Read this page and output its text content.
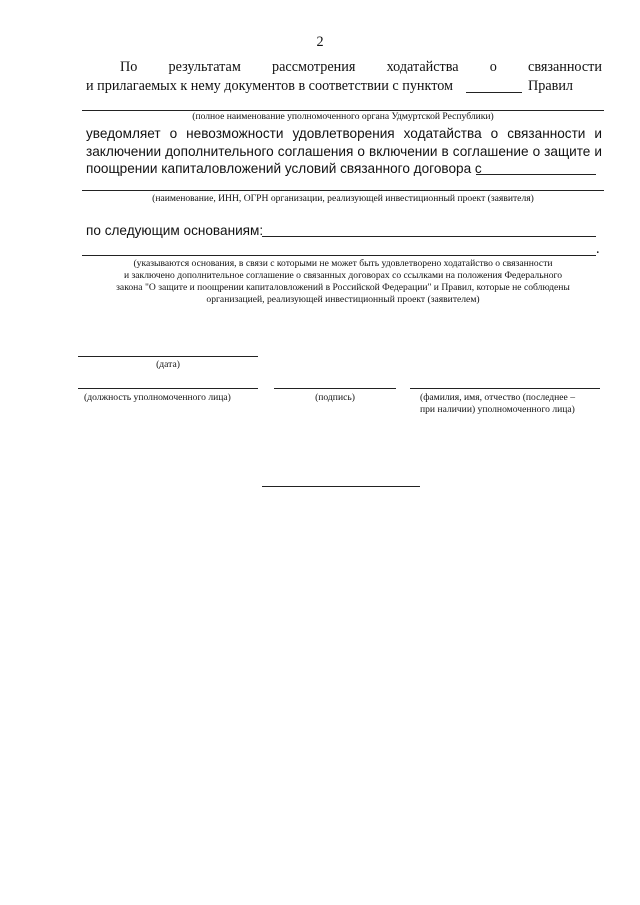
2
По результатам рассмотрения ходатайства о связанности
и прилагаемых к нему документов в соответствии с пунктом	Правил
(полное наименование уполномоченного органа Удмуртской Республики)
уведомляет о невозможности удовлетворения ходатайства о связанности и
заключении дополнительного соглашения о включении в соглашение о защите и
поощрении капиталовложений условий связанного договора с
(наименование, ИНН, ОГРН организации, реализующей инвестиционный проект (заявителя)
по следующим основаниям:
.
(указываются основания, в связи с которыми не может быть удовлетворено ходатайство о связанности
и заключено дополнительное соглашение о связанных договорах со ссылками на положения Федерального
закона "О защите и поощрении капиталовложений в Российской Федерации" и Правил, которые не соблюдены
организацией, реализующей инвестиционный проект (заявителем)
(дата)
(должность уполномоченного лица)	(подпись)	(фамилия, имя, отчество (последнее –
при наличии) уполномоченного лица)
